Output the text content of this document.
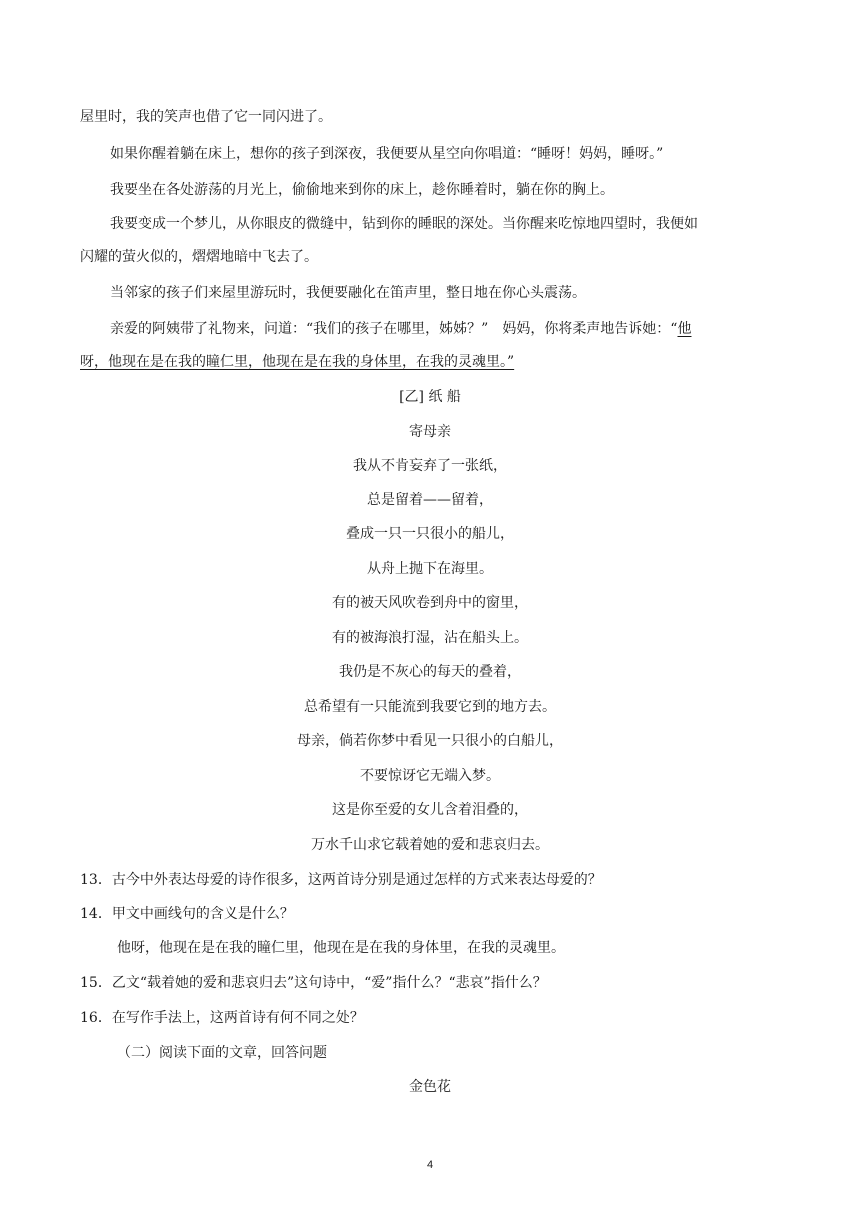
屋里时，我的笑声也借了它一同闪进了。
如果你醒着躺在床上，想你的孩子到深夜，我便要从星空向你唱道：“睡呀！妈妈，睡呀。”
我要坐在各处游荡的月光上，偷偷地来到你的床上，趁你睡着时，躺在你的胸上。
我要变成一个梦儿，从你眼皮的微缝中，钻到你的睡眠的深处。当你醒来吃惊地四望时，我便如
闪耀的萤火似的，熠熠地暗中飞去了。
当邻家的孩子们来屋里游玩时，我便要融化在笛声里，整日地在你心头震荡。
亲爱的阿姨带了礼物来，问道：“我们的孩子在哪里，姊姊？”　妈妈，你将柔声地告诉她：“他
呀，他现在是在我的瞳仁里，他现在是在我的身体里，在我的灵魂里。”
[乙] 纸 船
寄母亲
我从不肯妄弃了一张纸，
总是留着——留着，
叠成一只一只很小的船儿，
从舟上抛下在海里。
有的被天风吹卷到舟中的窗里，
有的被海浪打湿，沾在船头上。
我仍是不灰心的每天的叠着，
总希望有一只能流到我要它到的地方去。
母亲，倘若你梦中看见一只很小的白船儿，
不要惊讶它无端入梦。
这是你至爱的女儿含着泪叠的，
万水千山求它载着她的爱和悲哀归去。
13．古今中外表达母爱的诗作很多，这两首诗分别是通过怎样的方式来表达母爱的？
14．甲文中画线句的含义是什么？
他呀，他现在是在我的瞳仁里，他现在是在我的身体里，在我的灵魂里。
15．乙文“载着她的爱和悲哀归去”这句诗中，“爱”指什么？“悲哀”指什么？
16．在写作手法上，这两首诗有何不同之处？
（二）阅读下面的文章，回答问题
金色花
4
